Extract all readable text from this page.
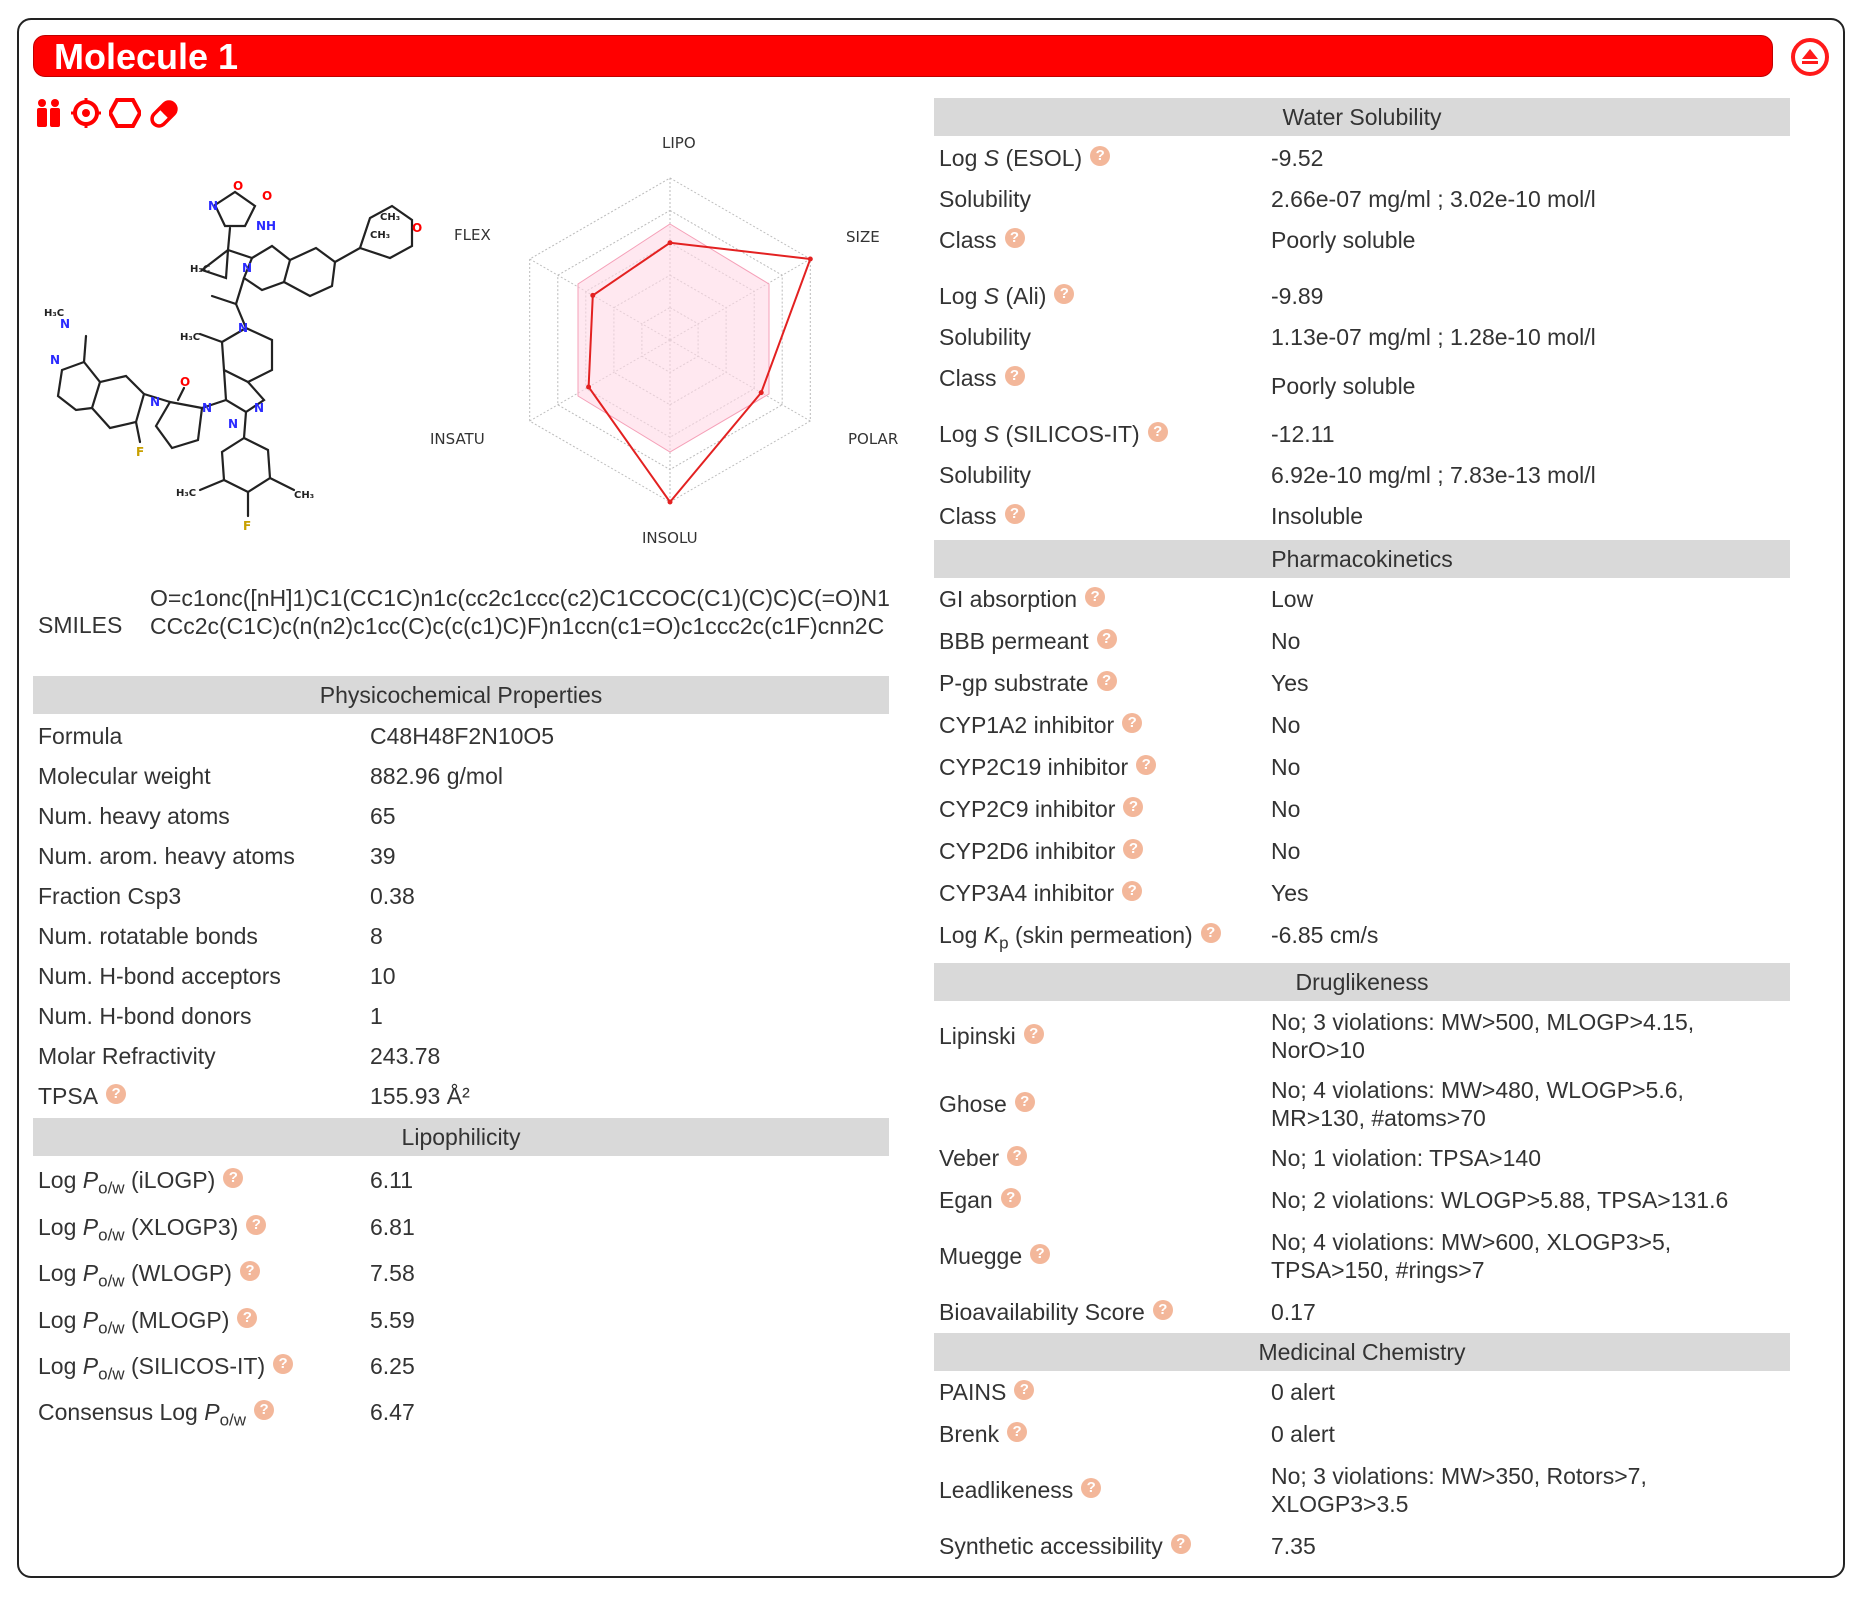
Molecule 1
O
N
NH
O
CH₃
CH₃
H₃C	N
O
N
H₃C
H₃C
N
N
N
N
O
N	N
F
H₃C	CH₃
F
LIPO
SIZE
POLAR
INSOLU
INSATU
FLEX
SMILES
O=c1onc([nH]1)C1(CC1C)n1c(cc2c1ccc(c2)C1CCOC(C1)(C)C)C(=O)N1CCc2c(C1C)c(n(n2)c1cc(C)c(c(c1)C)F)n1ccn(c1=O)c1ccc2c(c1F)cnn2C
Physicochemical Properties
Formula	C48H48F2N10O5
Molecular weight	882.96 g/mol
Num. heavy atoms	65
Num. arom. heavy atoms	39
Fraction Csp3	0.38
Num. rotatable bonds	8
Num. H-bond acceptors	10
Num. H-bond donors	1
Molar Refractivity	243.78
TPSA ?	155.93 Å²
Lipophilicity
Log $P_{o/w}$ (iLOGP) ?	6.11
Log $P_{o/w}$ (XLOGP3) ?	6.81
Log $P_{o/w}$ (WLOGP) ?	7.58
Log $P_{o/w}$ (MLOGP) ?	5.59
Log $P_{o/w}$ (SILICOS-IT) ?	6.25
Consensus Log $P_{o/w}$?	6.47
Water Solubility
Log S (ESOL) ?	-9.52
Solubility	2.66e-07 mg/ml ; 3.02e-10 mol/l
Class ?	Poorly soluble
Log S (Ali) ?	-9.89
Solubility	1.13e-07 mg/ml ; 1.28e-10 mol/l
Class ?	Poorly soluble
Log S (SILICOS-IT) ?	-12.11
Solubility	6.92e-10 mg/ml ; 7.83e-13 mol/l
Class ?	Insoluble
Pharmacokinetics
GI absorption ?	Low
BBB permeant ?	No
P-gp substrate ?	Yes
CYP1A2 inhibitor ?	No
CYP2C19 inhibitor ?	No
CYP2C9 inhibitor ?	No
CYP2D6 inhibitor ?	No
CYP3A4 inhibitor ?	Yes
Log $K_p$ (skin permeation) ? -6.85 cm/s
Druglikeness
Lipinski ?	No; 3 violations: MW>500, MLOGP>4.15,
NorO>10
Ghose ?	No; 4 violations: MW>480, WLOGP>5.6,
MR>130, #atoms>70
Veber ?	No; 1 violation: TPSA>140
Egan ?	No; 2 violations: WLOGP>5.88, TPSA>131.6
Muegge ?	No; 4 violations: MW>600, XLOGP3>5,
TPSA>150, #rings>7
Bioavailability Score ?	0.17
Medicinal Chemistry
PAINS ?	0 alert
Brenk ?	0 alert
Leadlikeness ?	No; 3 violations: MW>350, Rotors>7,
XLOGP3>3.5
Synthetic accessibility ?	7.35
